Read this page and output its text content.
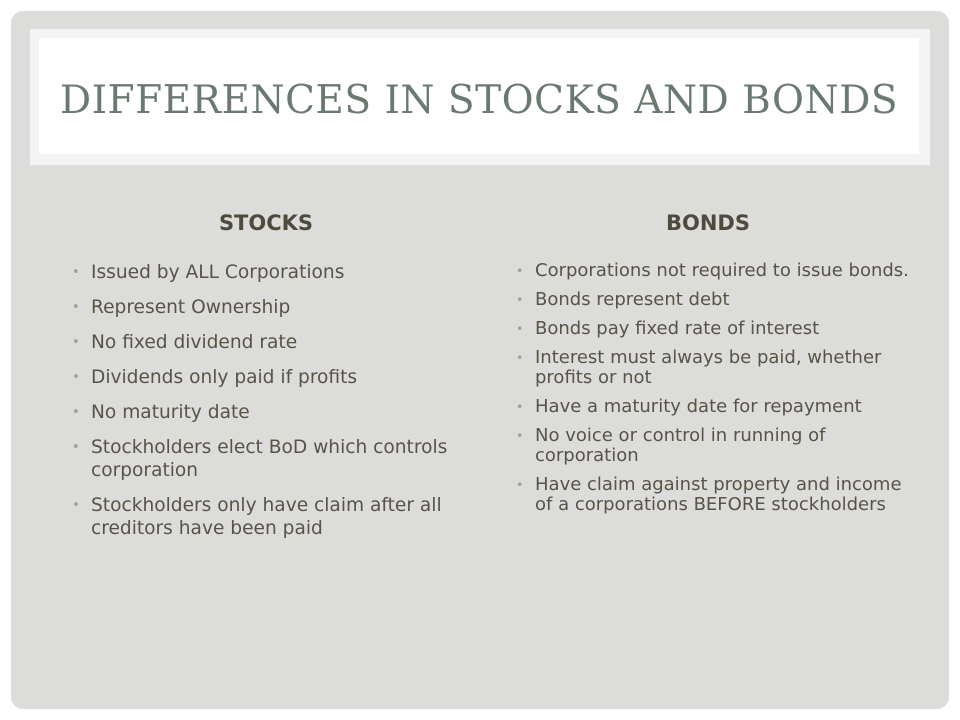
DIFFERENCES IN STOCKS AND BONDS
STOCKS	BONDS
• Issued by ALL Corporations
• Represent Ownership
• No fixed dividend rate
• Dividends only paid if profits
• No maturity date
• Stockholders elect BoD which controls corporation
• Stockholders only have claim after all creditors have been paid
• Corporations not required to issue bonds.
• Bonds represent debt
• Bonds pay fixed rate of interest
• Interest must always be paid, whether profits or not
• Have a maturity date for repayment
• No voice or control in running of corporation
• Have claim against property and income of a corporations BEFORE stockholders
